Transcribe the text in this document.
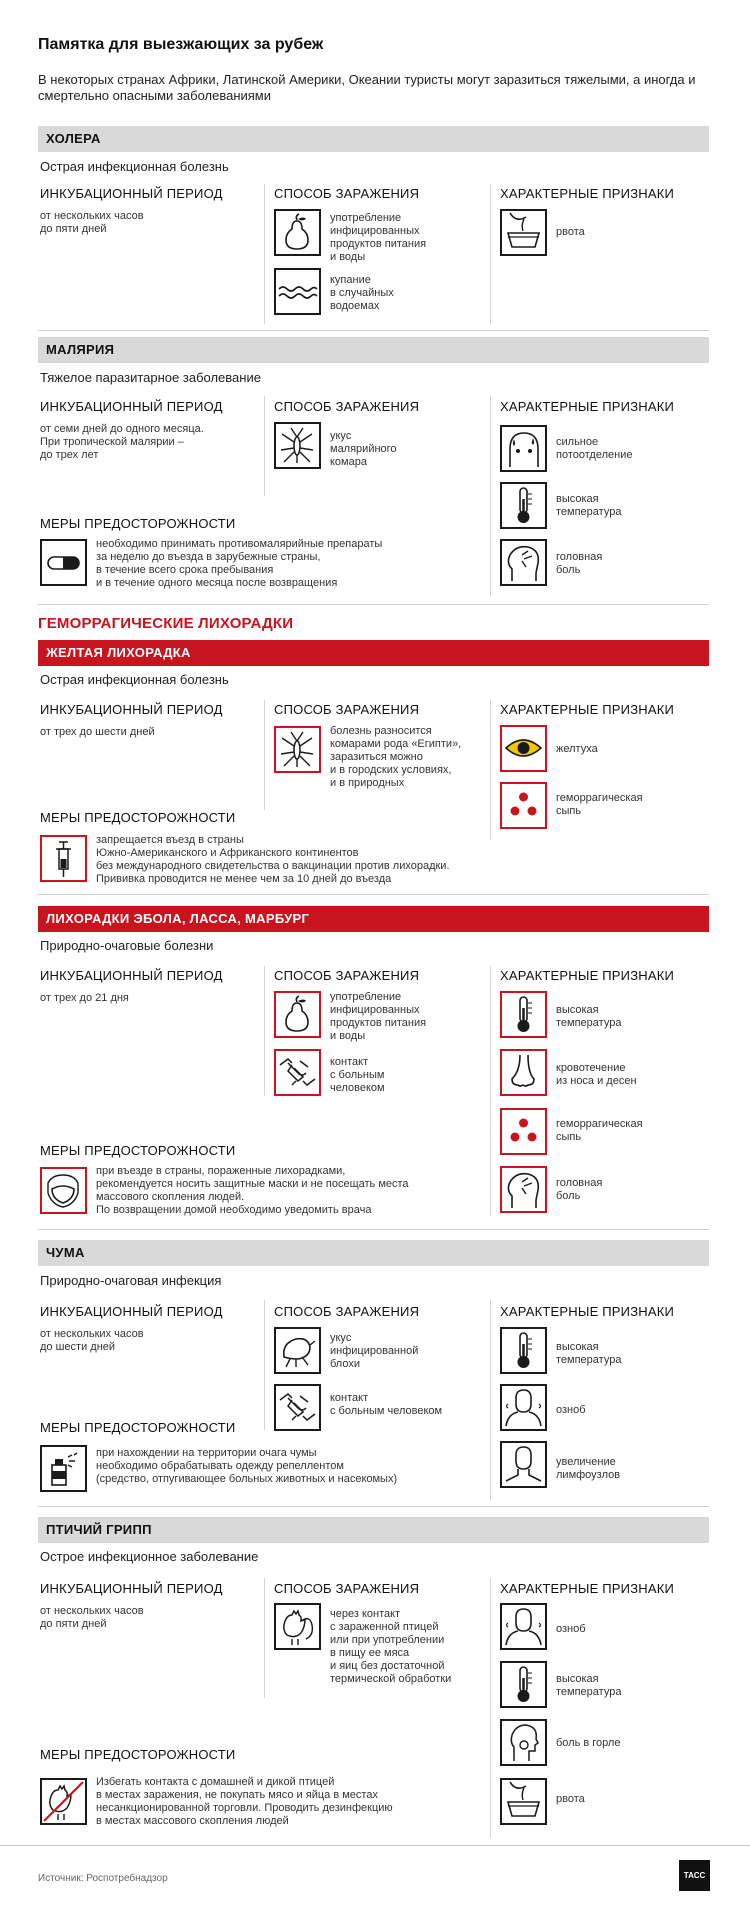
Памятка для выезжающих за рубеж
В некоторых странах Африки, Латинской Америки, Океании туристы могут заразиться тяжелыми, а иногда и смертельно опасными заболеваниями
ХОЛЕРА
Острая инфекционная болезнь
ИНКУБАЦИОННЫЙ ПЕРИОД
от нескольких часов
до пяти дней
СПОСОБ ЗАРАЖЕНИЯ
употребление
инфицированных
продуктов питания
и воды
купание
в случайных
водоемах
ХАРАКТЕРНЫЕ ПРИЗНАКИ
рвота
МАЛЯРИЯ
Тяжелое паразитарное заболевание
ИНКУБАЦИОННЫЙ ПЕРИОД
от семи дней до одного месяца.
При тропической малярии –
до трех лет
СПОСОБ ЗАРАЖЕНИЯ
укус
малярийного
комара
ХАРАКТЕРНЫЕ ПРИЗНАКИ
сильное
потоотделение
высокая
температура
головная
боль
МЕРЫ ПРЕДОСТОРОЖНОСТИ
необходимо принимать противомалярийные препараты
за неделю до въезда в зарубежные страны,
в течение всего срока пребывания
и в течение одного месяца после возвращения
ГЕМОРРАГИЧЕСКИЕ ЛИХОРАДКИ
ЖЕЛТАЯ ЛИХОРАДКА
Острая инфекционная болезнь
ИНКУБАЦИОННЫЙ ПЕРИОД
от трех до шести дней
СПОСОБ ЗАРАЖЕНИЯ
болезнь разносится
комарами рода «Египти»,
заразиться можно
и в городских условиях,
и в природных
ХАРАКТЕРНЫЕ ПРИЗНАКИ
желтуха
геморрагическая
сыпь
МЕРЫ ПРЕДОСТОРОЖНОСТИ
запрещается въезд в страны
Южно-Американского и Африканского континентов
без международного свидетельства о вакцинации против лихорадки.
Прививка проводится не менее чем за 10 дней до въезда
ЛИХОРАДКИ ЭБОЛА, ЛАССА, МАРБУРГ
Природно-очаговые болезни
ИНКУБАЦИОННЫЙ ПЕРИОД
от трех до 21 дня
СПОСОБ ЗАРАЖЕНИЯ
употребление
инфицированных
продуктов питания
и воды
контакт
с больным
человеком
ХАРАКТЕРНЫЕ ПРИЗНАКИ
высокая
температура
кровотечение
из носа и десен
геморрагическая
сыпь
головная
боль
МЕРЫ ПРЕДОСТОРОЖНОСТИ
при въезде в страны, пораженные лихорадками,
рекомендуется носить защитные маски и не посещать места
массового скопления людей.
По возвращении домой необходимо уведомить врача
ЧУМА
Природно-очаговая инфекция
ИНКУБАЦИОННЫЙ ПЕРИОД
от нескольких часов
до шести дней
СПОСОБ ЗАРАЖЕНИЯ
укус
инфицированной
блохи
контакт
с больным человеком
ХАРАКТЕРНЫЕ ПРИЗНАКИ
высокая
температура
озноб
увеличение
лимфоузлов
МЕРЫ ПРЕДОСТОРОЖНОСТИ
при нахождении на территории очага чумы
необходимо обрабатывать одежду репеллентом
(средство, отпугивающее больных животных и насекомых)
ПТИЧИЙ ГРИПП
Острое инфекционное заболевание
ИНКУБАЦИОННЫЙ ПЕРИОД
от нескольких часов
до пяти дней
СПОСОБ ЗАРАЖЕНИЯ
через контакт
с зараженной птицей
или при употреблении
в пищу ее мяса
и яиц без достаточной
термической обработки
ХАРАКТЕРНЫЕ ПРИЗНАКИ
озноб
высокая
температура
боль в горле
рвота
МЕРЫ ПРЕДОСТОРОЖНОСТИ
Избегать контакта с домашней и дикой птицей
в местах заражения, не покупать мясо и яйца в местах
несанкционированной торговли. Проводить дезинфекцию
в местах массового скопления людей
Источник: Роспотребнадзор	ТАСС
